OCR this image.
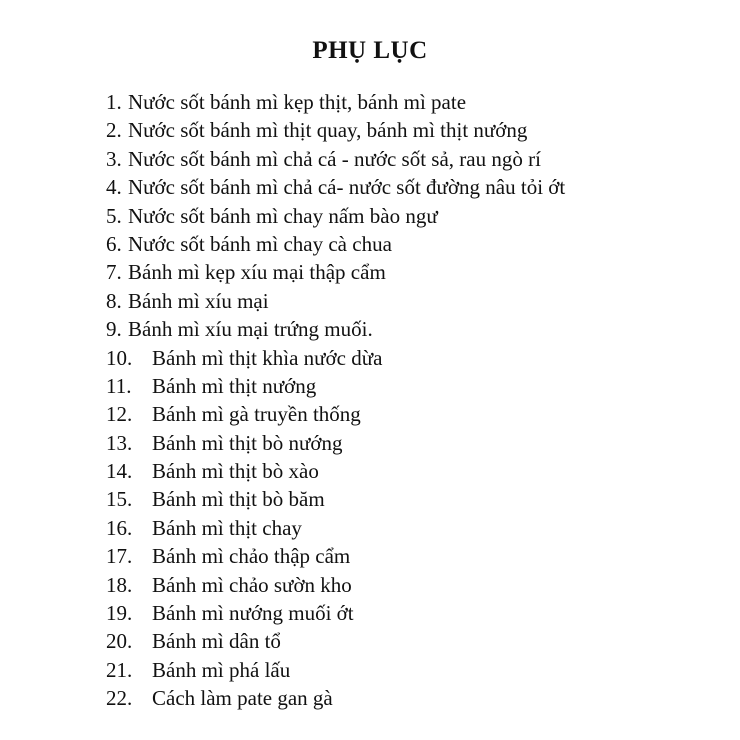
PHỤ LỤC
1. Nước sốt bánh mì kẹp thịt, bánh mì pate
2. Nước sốt bánh mì thịt quay, bánh mì thịt nướng
3. Nước sốt bánh mì chả cá - nước sốt sả, rau ngò rí
4. Nước sốt bánh mì chả cá- nước sốt đường nâu tỏi ớt
5. Nước sốt bánh mì chay nấm bào ngư
6. Nước sốt bánh mì chay cà chua
7. Bánh mì kẹp xíu mại thập cẩm
8. Bánh mì xíu mại
9. Bánh mì xíu mại trứng muối.
10. Bánh mì thịt khìa nước dừa
11. Bánh mì thịt nướng
12. Bánh mì gà truyền thống
13. Bánh mì thịt bò nướng
14. Bánh mì thịt bò xào
15. Bánh mì thịt bò băm
16. Bánh mì thịt chay
17. Bánh mì chảo thập cẩm
18. Bánh mì chảo sườn kho
19. Bánh mì nướng muối ớt
20. Bánh mì dân tổ
21. Bánh mì phá lấu
22. Cách làm pate gan gà
